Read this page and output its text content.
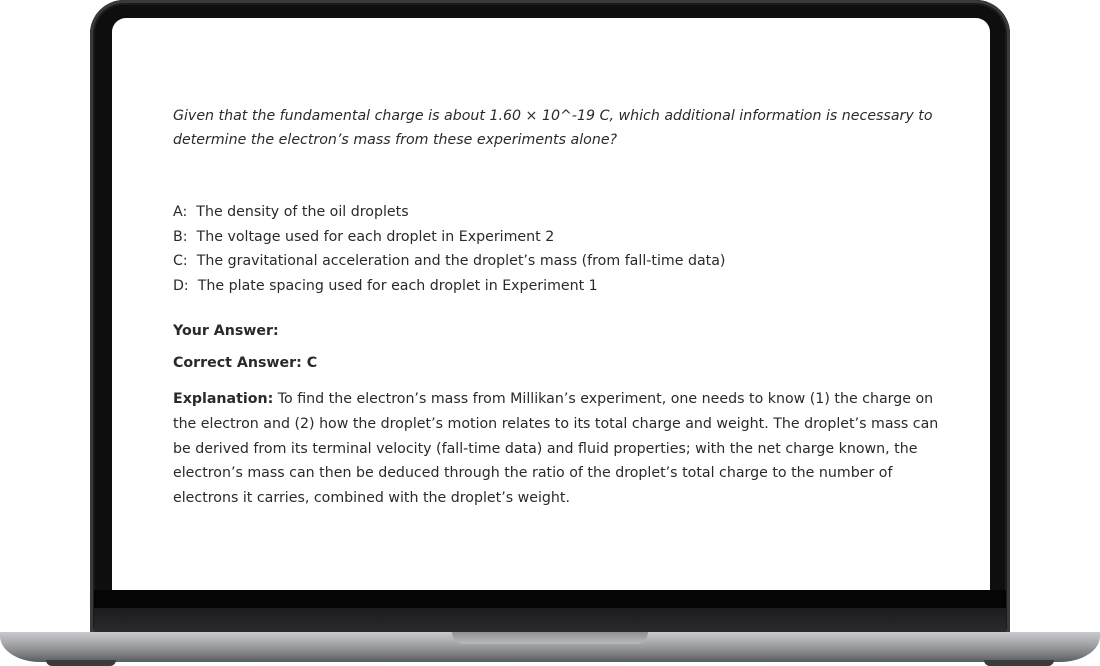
Given that the fundamental charge is about 1.60 × 10^-19 C, which additional information is necessary to determine the electron’s mass from these experiments alone?

A: The density of the oil droplets
B: The voltage used for each droplet in Experiment 2
C: The gravitational acceleration and the droplet’s mass (from fall-time data)
D: The plate spacing used for each droplet in Experiment 1
Your Answer:
Correct Answer: C
Explanation: To find the electron’s mass from Millikan’s experiment, one needs to know (1) the charge on the electron and (2) how the droplet’s motion relates to its total charge and weight. The droplet’s mass can be derived from its terminal velocity (fall-time data) and fluid properties; with the net charge known, the electron’s mass can then be deduced through the ratio of the droplet’s total charge to the number of electrons it carries, combined with the droplet’s weight.
